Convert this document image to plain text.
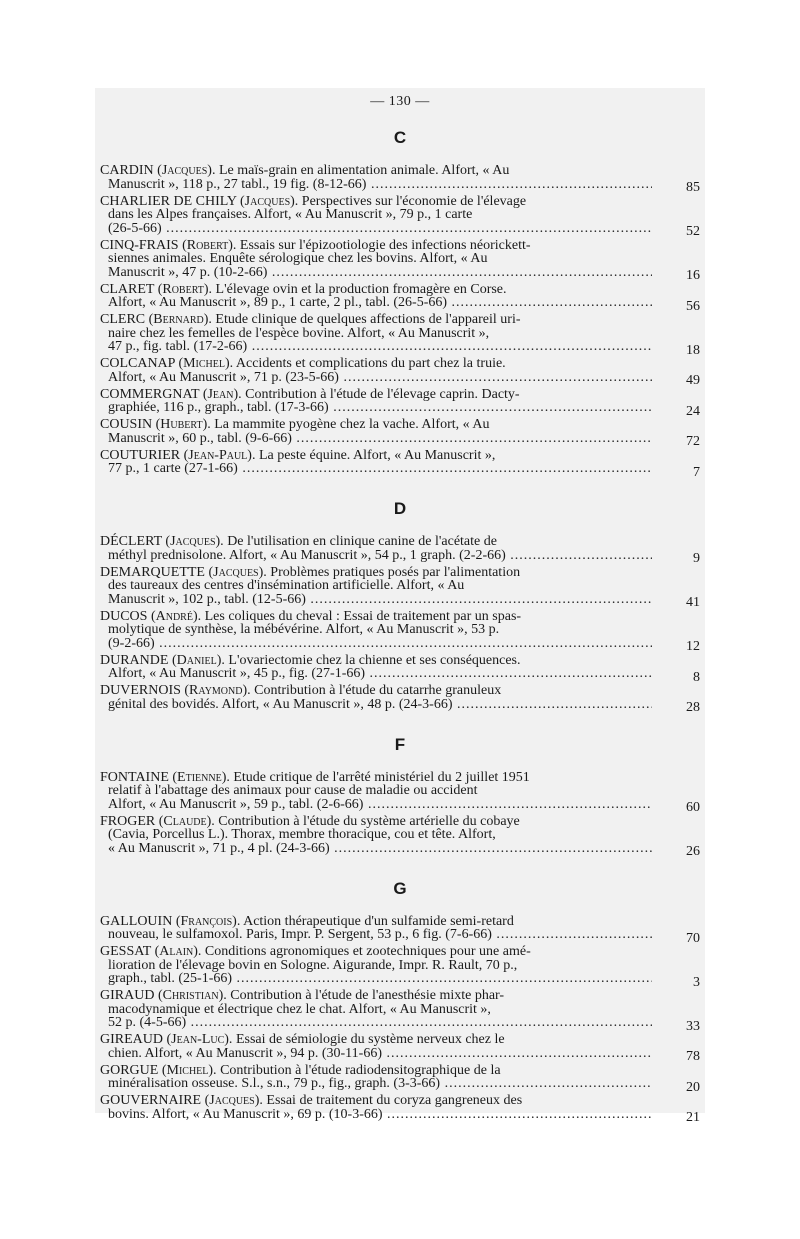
— 130 —
C
CARDIN (Jacques). Le maïs-grain en alimentation animale. Alfort, « Au
Manuscrit », 118 p., 27 tabl., 19 fig. (8-12-66) .....	85
CHARLIER DE CHILY (Jacques). Perspectives sur l'économie de l'élevage
dans les Alpes françaises. Alfort, « Au Manuscrit », 79 p., 1 carte
(26-5-66) .....	52
CINQ-FRAIS (Robert). Essais sur l'épizootiologie des infections néorickett-
siennes animales. Enquête sérologique chez les bovins. Alfort, « Au
Manuscrit », 47 p. (10-2-66) .....	16
CLARET (Robert). L'élevage ovin et la production fromagère en Corse.
Alfort, « Au Manuscrit », 89 p., 1 carte, 2 pl., tabl. (26-5-66) .....	56
CLERC (Bernard). Etude clinique de quelques affections de l'appareil uri-
naire chez les femelles de l'espèce bovine. Alfort, « Au Manuscrit »,
47 p., fig. tabl. (17-2-66) .....	18
COLCANAP (Michel). Accidents et complications du part chez la truie.
Alfort, « Au Manuscrit », 71 p. (23-5-66) .....	49
COMMERGNAT (Jean). Contribution à l'étude de l'élevage caprin. Dacty-
graphiée, 116 p., graph., tabl. (17-3-66) .....	24
COUSIN (Hubert). La mammite pyogène chez la vache. Alfort, « Au
Manuscrit », 60 p., tabl. (9-6-66) .....	72
COUTURIER (Jean-Paul). La peste équine. Alfort, « Au Manuscrit »,
77 p., 1 carte (27-1-66) .....	7
D
DÉCLERT (Jacques). De l'utilisation en clinique canine de l'acétate de
méthyl prednisolone. Alfort, « Au Manuscrit », 54 p., 1 graph. (2-2-66) .....	9
DEMARQUETTE (Jacques). Problèmes pratiques posés par l'alimentation
des taureaux des centres d'insémination artificielle. Alfort, « Au
Manuscrit », 102 p., tabl. (12-5-66) .....	41
DUCOS (André). Les coliques du cheval : Essai de traitement par un spas-
molytique de synthèse, la mébévérine. Alfort, « Au Manuscrit », 53 p.
(9-2-66) .....	12
DURANDE (Daniel). L'ovariectomie chez la chienne et ses conséquences.
Alfort, « Au Manuscrit », 45 p., fig. (27-1-66) .....	8
DUVERNOIS (Raymond). Contribution à l'étude du catarrhe granuleux
génital des bovidés. Alfort, « Au Manuscrit », 48 p. (24-3-66) .....	28
F
FONTAINE (Etienne). Etude critique de l'arrêté ministériel du 2 juillet 1951
relatif à l'abattage des animaux pour cause de maladie ou accident
Alfort, « Au Manuscrit », 59 p., tabl. (2-6-66) .....	60
FROGER (Claude). Contribution à l'étude du système artérielle du cobaye
(Cavia, Porcellus L.). Thorax, membre thoracique, cou et tête. Alfort,
« Au Manuscrit », 71 p., 4 pl. (24-3-66) .....	26
G
GALLOUIN (François). Action thérapeutique d'un sulfamide semi-retard
nouveau, le sulfamoxol. Paris, Impr. P. Sergent, 53 p., 6 fig. (7-6-66) .....	70
GESSAT (Alain). Conditions agronomiques et zootechniques pour une amé-
lioration de l'élevage bovin en Sologne. Aigurande, Impr. R. Rault, 70 p.,
graph., tabl. (25-1-66) .....	3
GIRAUD (Christian). Contribution à l'étude de l'anesthésie mixte phar-
macodynamique et électrique chez le chat. Alfort, « Au Manuscrit »,
52 p. (4-5-66) .....	33
GIREAUD (Jean-Luc). Essai de sémiologie du système nerveux chez le
chien. Alfort, « Au Manuscrit », 94 p. (30-11-66) .....	78
GORGUE (Michel). Contribution à l'étude radiodensitographique de la
minéralisation osseuse. S.l., s.n., 79 p., fig., graph. (3-3-66) .....	20
GOUVERNAIRE (Jacques). Essai de traitement du coryza gangreneux des
bovins. Alfort, « Au Manuscrit », 69 p. (10-3-66) .....	21
